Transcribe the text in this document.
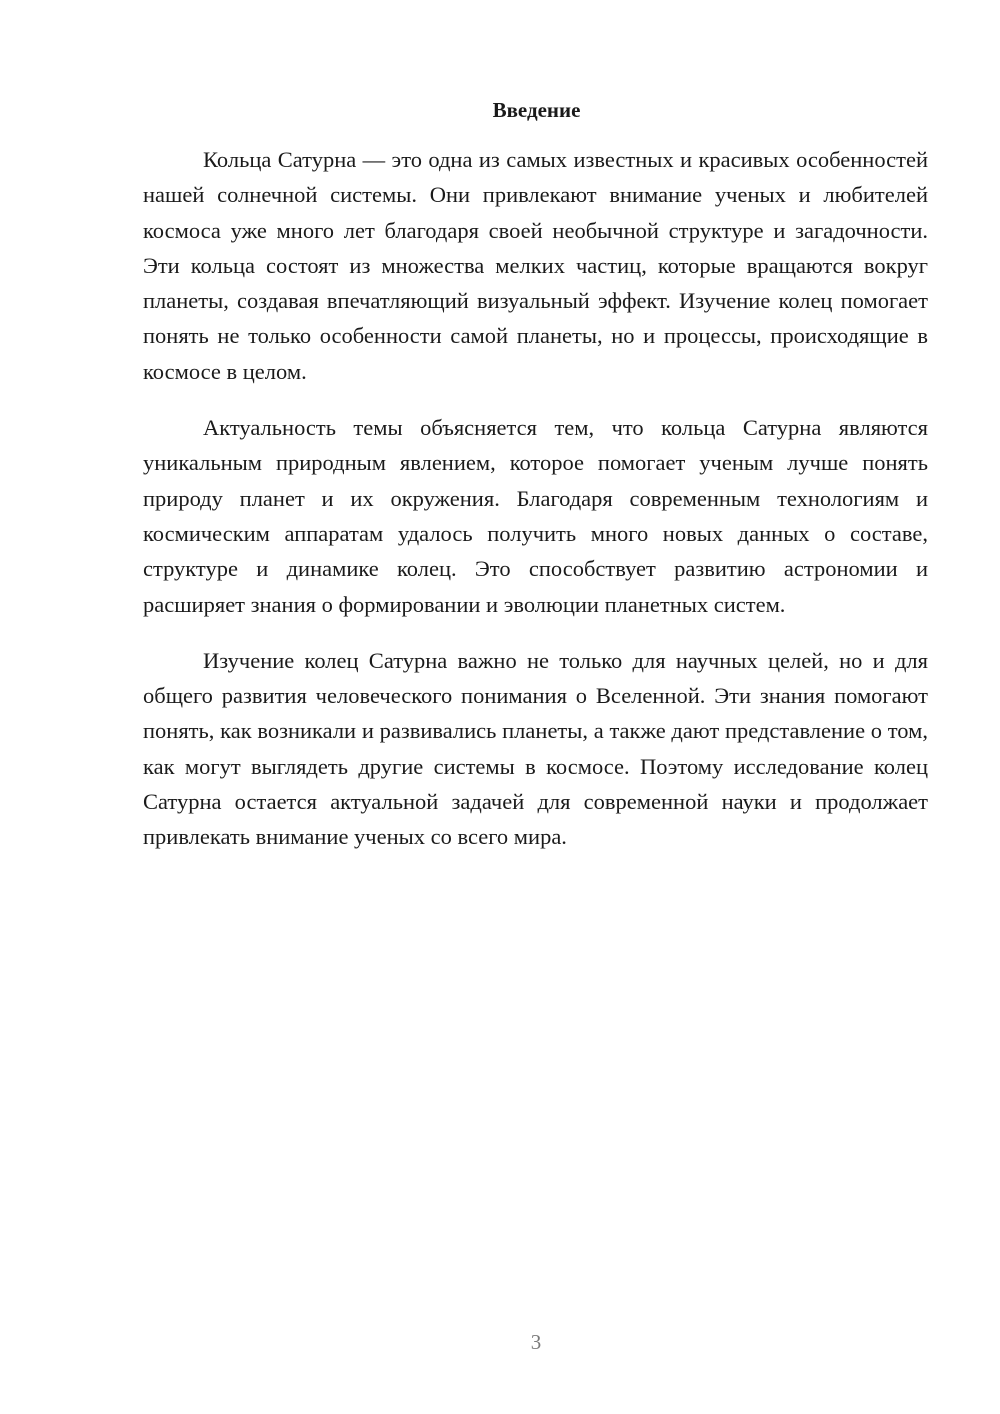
Введение

Кольца Сатурна — это одна из самых известных и красивых особенностей нашей солнечной системы. Они привлекают внимание ученых и любителей космоса уже много лет благодаря своей необычной структуре и загадочности. Эти кольца состоят из множества мелких частиц, которые вращаются вокруг планеты, создавая впечатляющий визуальный эффект. Изучение колец помогает понять не только особенности самой планеты, но и процессы, происходящие в космосе в целом.

Актуальность темы объясняется тем, что кольца Сатурна являются уникальным природным явлением, которое помогает ученым лучше понять природу планет и их окружения. Благодаря современным технологиям и космическим аппаратам удалось получить много новых данных о составе, структуре и динамике колец. Это способствует развитию астрономии и расширяет знания о формировании и эволюции планетных систем.

Изучение колец Сатурна важно не только для научных целей, но и для общего развития человеческого понимания о Вселенной. Эти знания помогают понять, как возникали и развивались планеты, а также дают представление о том, как могут выглядеть другие системы в космосе. Поэтому исследование колец Сатурна остается актуальной задачей для современной науки и продолжает привлекать внимание ученых со всего мира.

3
